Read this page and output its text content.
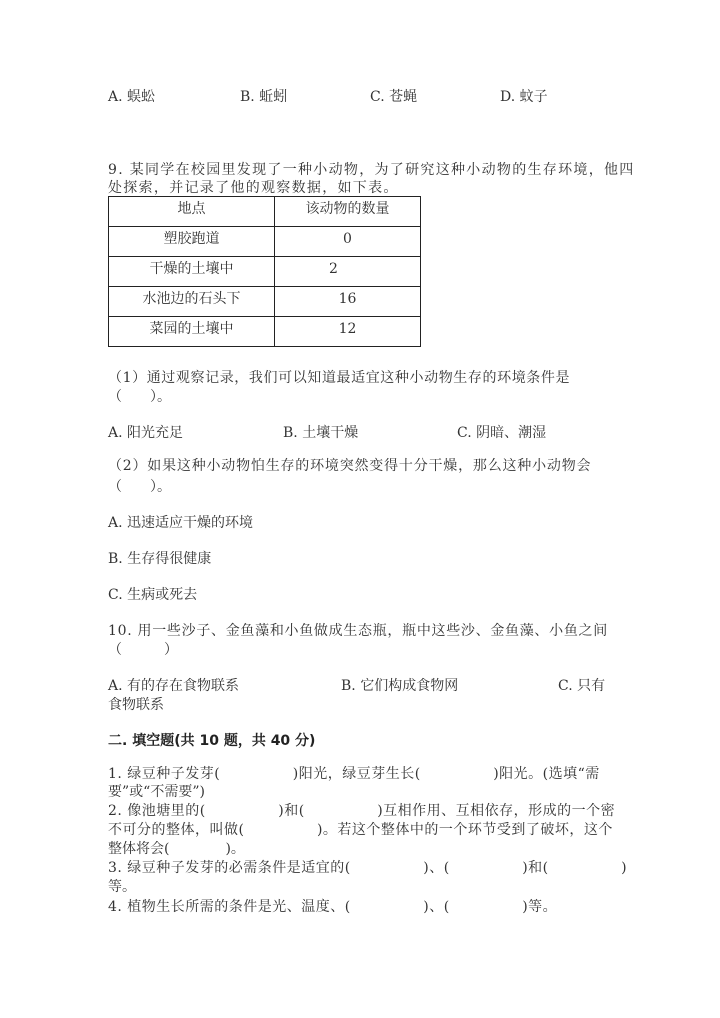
A. 蜈蚣	B. 蚯蚓	C. 苍蝇	D. 蚊子
9. 某同学在校园里发现了一种小动物，为了研究这种小动物的生存环境，他四
处探索，并记录了他的观察数据，如下表。
地点	该动物的数量
塑胶跑道	0
干燥的土壤中	2
水池边的石头下	16
菜园的土壤中	12
（1）通过观察记录，我们可以知道最适宜这种小动物生存的环境条件是
（　　）。
A. 阳光充足	B. 土壤干燥	C. 阴暗、潮湿
（2）如果这种小动物怕生存的环境突然变得十分干燥，那么这种小动物会
（　　）。
A. 迅速适应干燥的环境
B. 生存得很健康
C. 生病或死去
10. 用一些沙子、金鱼藻和小鱼做成生态瓶，瓶中这些沙、金鱼藻、小鱼之间
（　　　）
A. 有的存在食物联系	B. 它们构成食物网	C. 只有
食物联系
二. 填空题(共 10 题，共 40 分)
1. 绿豆种子发芽(　　　　　)阳光，绿豆芽生长(　　　　　)阳光。(选填“需
要”或“不需要”)
2. 像池塘里的(　　　　　)和(　　　　　)互相作用、互相依存，形成的一个密
不可分的整体，叫做(　　　　　)。若这个整体中的一个环节受到了破坏，这个
整体将会(　　　　)。
3. 绿豆种子发芽的必需条件是适宜的(　　　　　)、(　　　　　)和(　　　　　)
等。
4. 植物生长所需的条件是光、温度、(　　　　　)、(　　　　　)等。
